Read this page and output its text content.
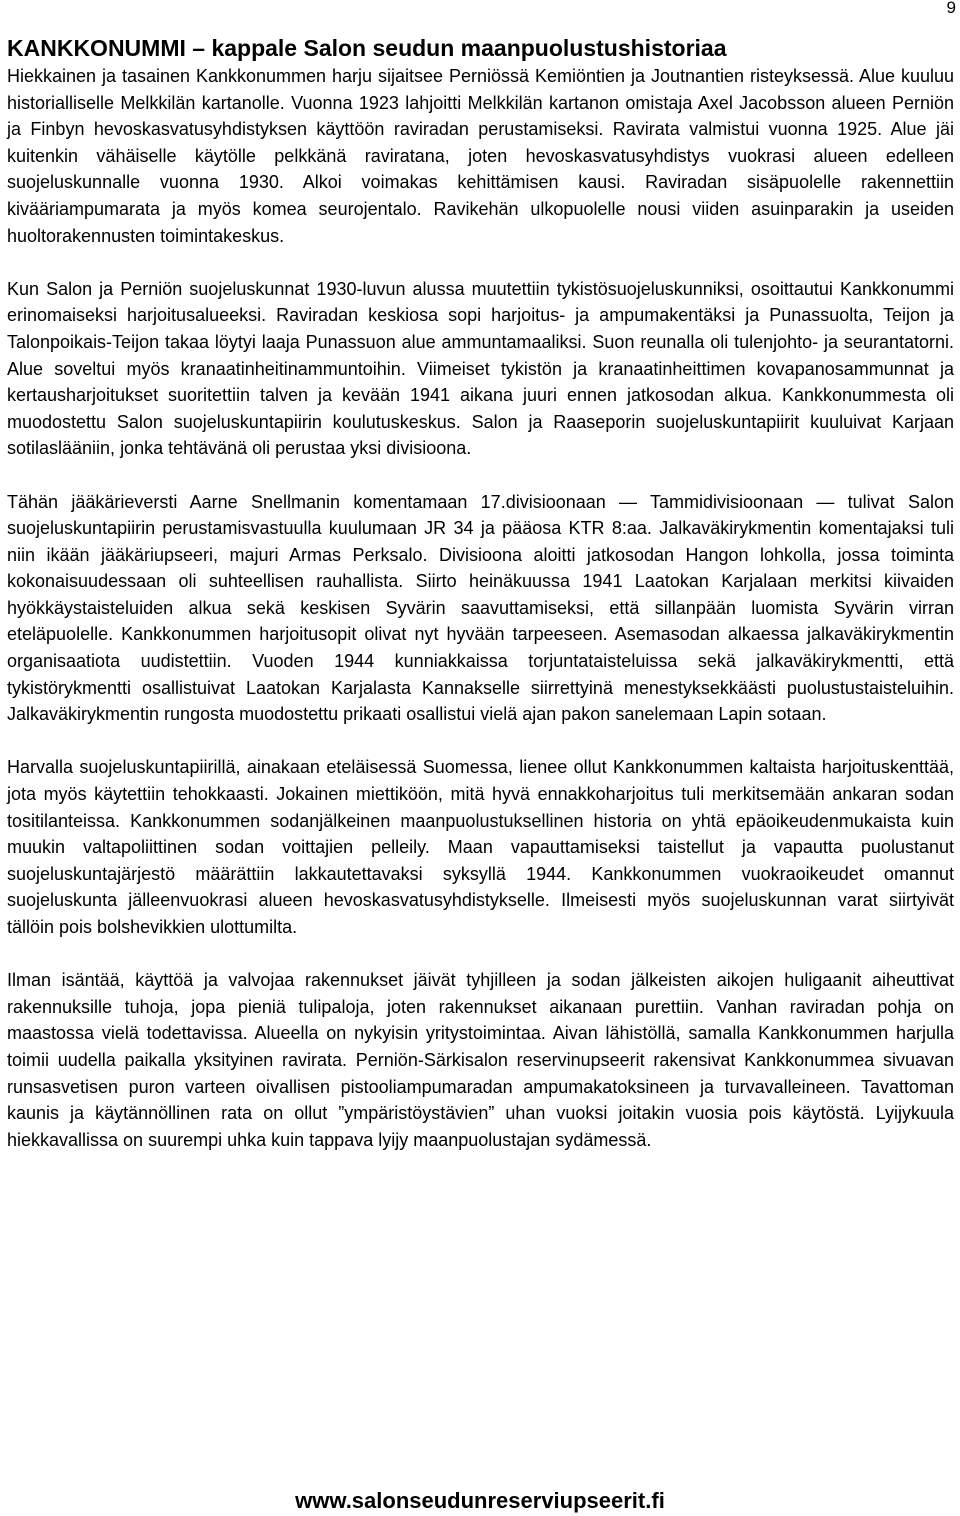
9
KANKKONUMMI – kappale Salon seudun maanpuolustushistoriaa

Hiekkainen ja tasainen Kankkonummen harju sijaitsee Perniössä Kemiöntien ja Joutnantien risteyksessä. Alue kuuluu historialliselle Melkkilän kartanolle. Vuonna 1923 lahjoitti Melkkilän kartanon omistaja Axel Jacobsson alueen Perniön ja Finbyn hevoskasvatusyhdistyksen käyttöön raviradan perustamiseksi. Ravirata valmistui vuonna 1925. Alue jäi kuitenkin vähäiselle käytölle pelkkänä raviratana, joten hevoskasvatusyhdistys vuokrasi alueen edelleen suojeluskunnalle vuonna 1930. Alkoi voimakas kehittämisen kausi. Raviradan sisäpuolelle rakennettiin kivääriampumarata ja myös komea seurojentalo. Ravikehän ulkopuolelle nousi viiden asuinparakin ja useiden huoltorakennusten toimintakeskus.

Kun Salon ja Perniön suojeluskunnat 1930-luvun alussa muutettiin tykistösuojeluskunniksi, osoittautui Kankkonummi erinomaiseksi harjoitusalueeksi. Raviradan keskiosa sopi harjoitus- ja ampumakentäksi ja Punassuolta, Teijon ja Talonpoikais-Teijon takaa löytyi laaja Punassuon alue ammuntamaaliksi. Suon reunalla oli tulenjohto- ja seurantatorni. Alue soveltui myös kranaatinheitinammuntoihin. Viimeiset tykistön ja kranaatinheittimen kovapanosammunnat ja kertausharjoitukset suoritettiin talven ja kevään 1941 aikana juuri ennen jatkosodan alkua. Kankkonummesta oli muodostettu Salon suojeluskuntapiirin koulutuskeskus. Salon ja Raaseporin suojeluskuntapiirit kuuluivat Karjaan sotilaslääniin, jonka tehtävänä oli perustaa yksi divisioona.

Tähän jääkärieversti Aarne Snellmanin komentamaan 17.divisioonaan — Tammidivisioonaan — tulivat Salon suojeluskuntapiirin perustamisvastuulla kuulumaan JR 34 ja pääosa KTR 8:aa. Jalkaväkirykmentin komentajaksi tuli niin ikään jääkäriupseeri, majuri Armas Perksalo. Divisioona aloitti jatkosodan Hangon lohkolla, jossa toiminta kokonaisuudessaan oli suhteellisen rauhallista. Siirto heinäkuussa 1941 Laatokan Karjalaan merkitsi kiivaiden hyökkäystaisteluiden alkua sekä keskisen Syvärin saavuttamiseksi, että sillanpään luomista Syvärin virran eteläpuolelle. Kankkonummen harjoitusopit olivat nyt hyvään tarpeeseen. Asemasodan alkaessa jalkaväkirykmentin organisaatiota uudistettiin. Vuoden 1944 kunniakkaissa torjuntataisteluissa sekä jalkaväkirykmentti, että tykistörykmentti osallistuivat Laatokan Karjalasta Kannakselle siirrettyinä menestyksekkäästi puolustustaisteluihin. Jalkaväkirykmentin rungosta muodostettu prikaati osallistui vielä ajan pakon sanelemaan Lapin sotaan.

Harvalla suojeluskuntapiirillä, ainakaan eteläisessä Suomessa, lienee ollut Kankkonummen kaltaista harjoituskenttää, jota myös käytettiin tehokkaasti. Jokainen miettiköön, mitä hyvä ennakkoharjoitus tuli merkitsemään ankaran sodan tositilanteissa. Kankkonummen sodanjälkeinen maanpuolustuksellinen historia on yhtä epäoikeudenmukaista kuin muukin valtapoliittinen sodan voittajien pelleily. Maan vapauttamiseksi taistellut ja vapautta puolustanut suojeluskuntajärjestö määrättiin lakkautettavaksi syksyllä 1944. Kankkonummen vuokraoikeudet omannut suojeluskunta jälleenvuokrasi alueen hevoskasvatusyhdistykselle. Ilmeisesti myös suojeluskunnan varat siirtyivät tällöin pois bolshevikkien ulottumilta.

Ilman isäntää, käyttöä ja valvojaa rakennukset jäivät tyhjilleen ja sodan jälkeisten aikojen huligaanit aiheuttivat rakennuksille tuhoja, jopa pieniä tulipaloja, joten rakennukset aikanaan purettiin. Vanhan raviradan pohja on maastossa vielä todettavissa. Alueella on nykyisin yritystoimintaa. Aivan lähistöllä, samalla Kankkonummen harjulla toimii uudella paikalla yksityinen ravirata. Perniön-Särkisalon reservinupseerit rakensivat Kankkonummea sivuavan runsasvetisen puron varteen oivallisen pistooliampumaradan ampumakatoksineen ja turvavalleineen. Tavattoman kaunis ja käytännöllinen rata on ollut ”ympäristöystävien” uhan vuoksi joitakin vuosia pois käytöstä. Lyijykuula hiekkavallissa on suurempi uhka kuin tappava lyijy maanpuolustajan sydämessä.

www.salonseudunreserviupseerit.fi
